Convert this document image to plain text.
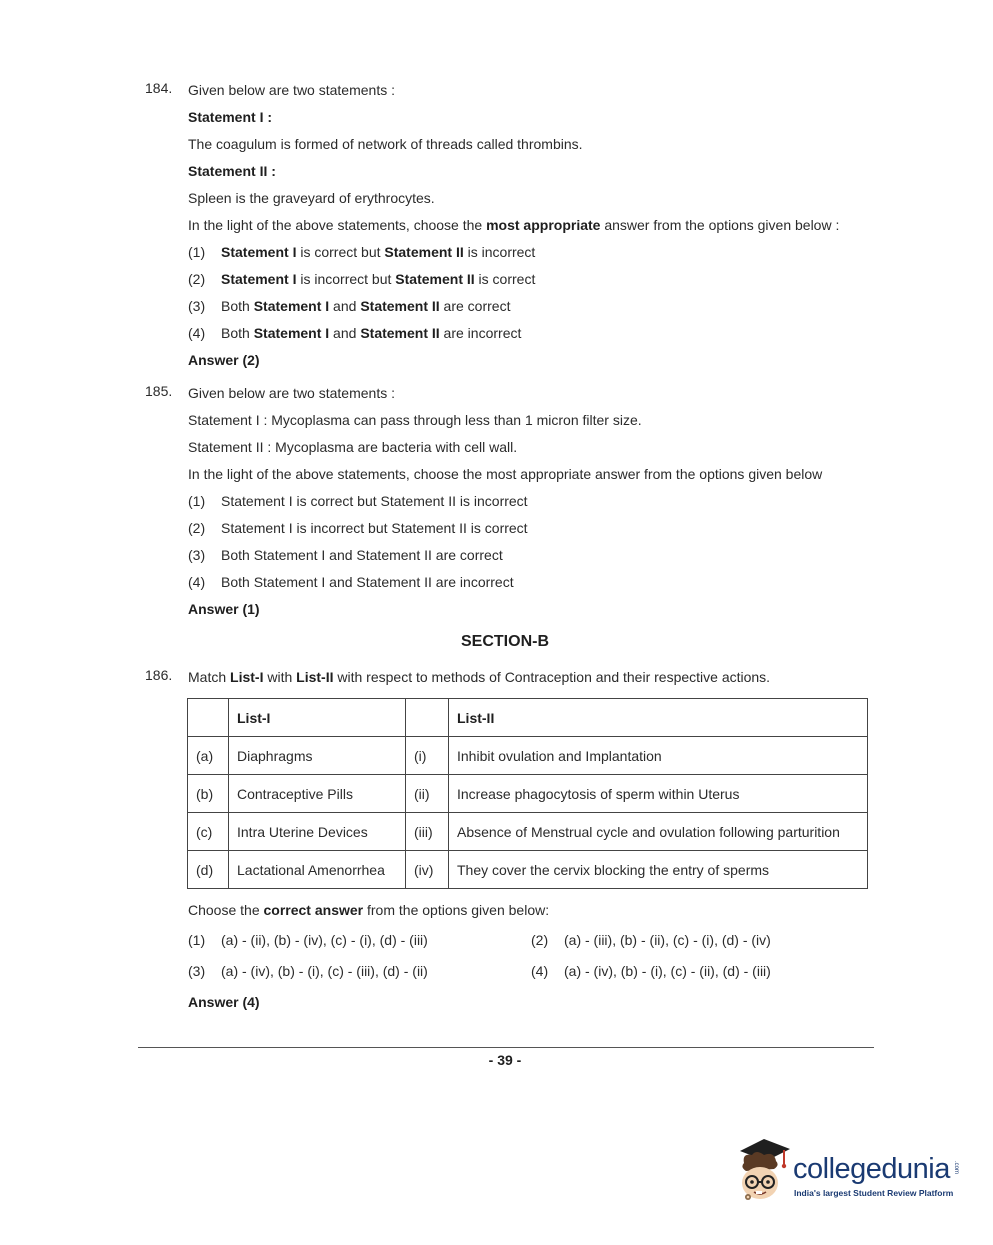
184. Given below are two statements :
Statement I :
The coagulum is formed of network of threads called thrombins.
Statement II :
Spleen is the graveyard of erythrocytes.
In the light of the above statements, choose the most appropriate answer from the options given below :
(1) Statement I is correct but Statement II is incorrect
(2) Statement I is incorrect but Statement II is correct
(3) Both Statement I and Statement II are correct
(4) Both Statement I and Statement II are incorrect
Answer (2)
185. Given below are two statements :
Statement I : Mycoplasma can pass through less than 1 micron filter size.
Statement II : Mycoplasma are bacteria with cell wall.
In the light of the above statements, choose the most appropriate answer from the options given below
(1) Statement I is correct but Statement II is incorrect
(2) Statement I is incorrect but Statement II is correct
(3) Both Statement I and Statement II are correct
(4) Both Statement I and Statement II are incorrect
Answer (1)
SECTION-B
186. Match List-I with List-II with respect to methods of Contraception and their respective actions.
	List-I		List-II
(a)	Diaphragms	(i)	Inhibit ovulation and Implantation
(b)	Contraceptive Pills	(ii)	Increase phagocytosis of sperm within Uterus
(c)	Intra Uterine Devices	(iii)	Absence of Menstrual cycle and ovulation following parturition
(d)	Lactational Amenorrhea	(iv)	They cover the cervix blocking the entry of sperms
Choose the correct answer from the options given below:
(1) (a) - (ii), (b) - (iv), (c) - (i), (d) - (iii)	(2) (a) - (iii), (b) - (ii), (c) - (i), (d) - (iv)
(3) (a) - (iv), (b) - (i), (c) - (iii), (d) - (ii)	(4) (a) - (iv), (b) - (i), (c) - (ii), (d) - (iii)
Answer (4)
- 39 -
collegedunia .com
India's largest Student Review Platform
